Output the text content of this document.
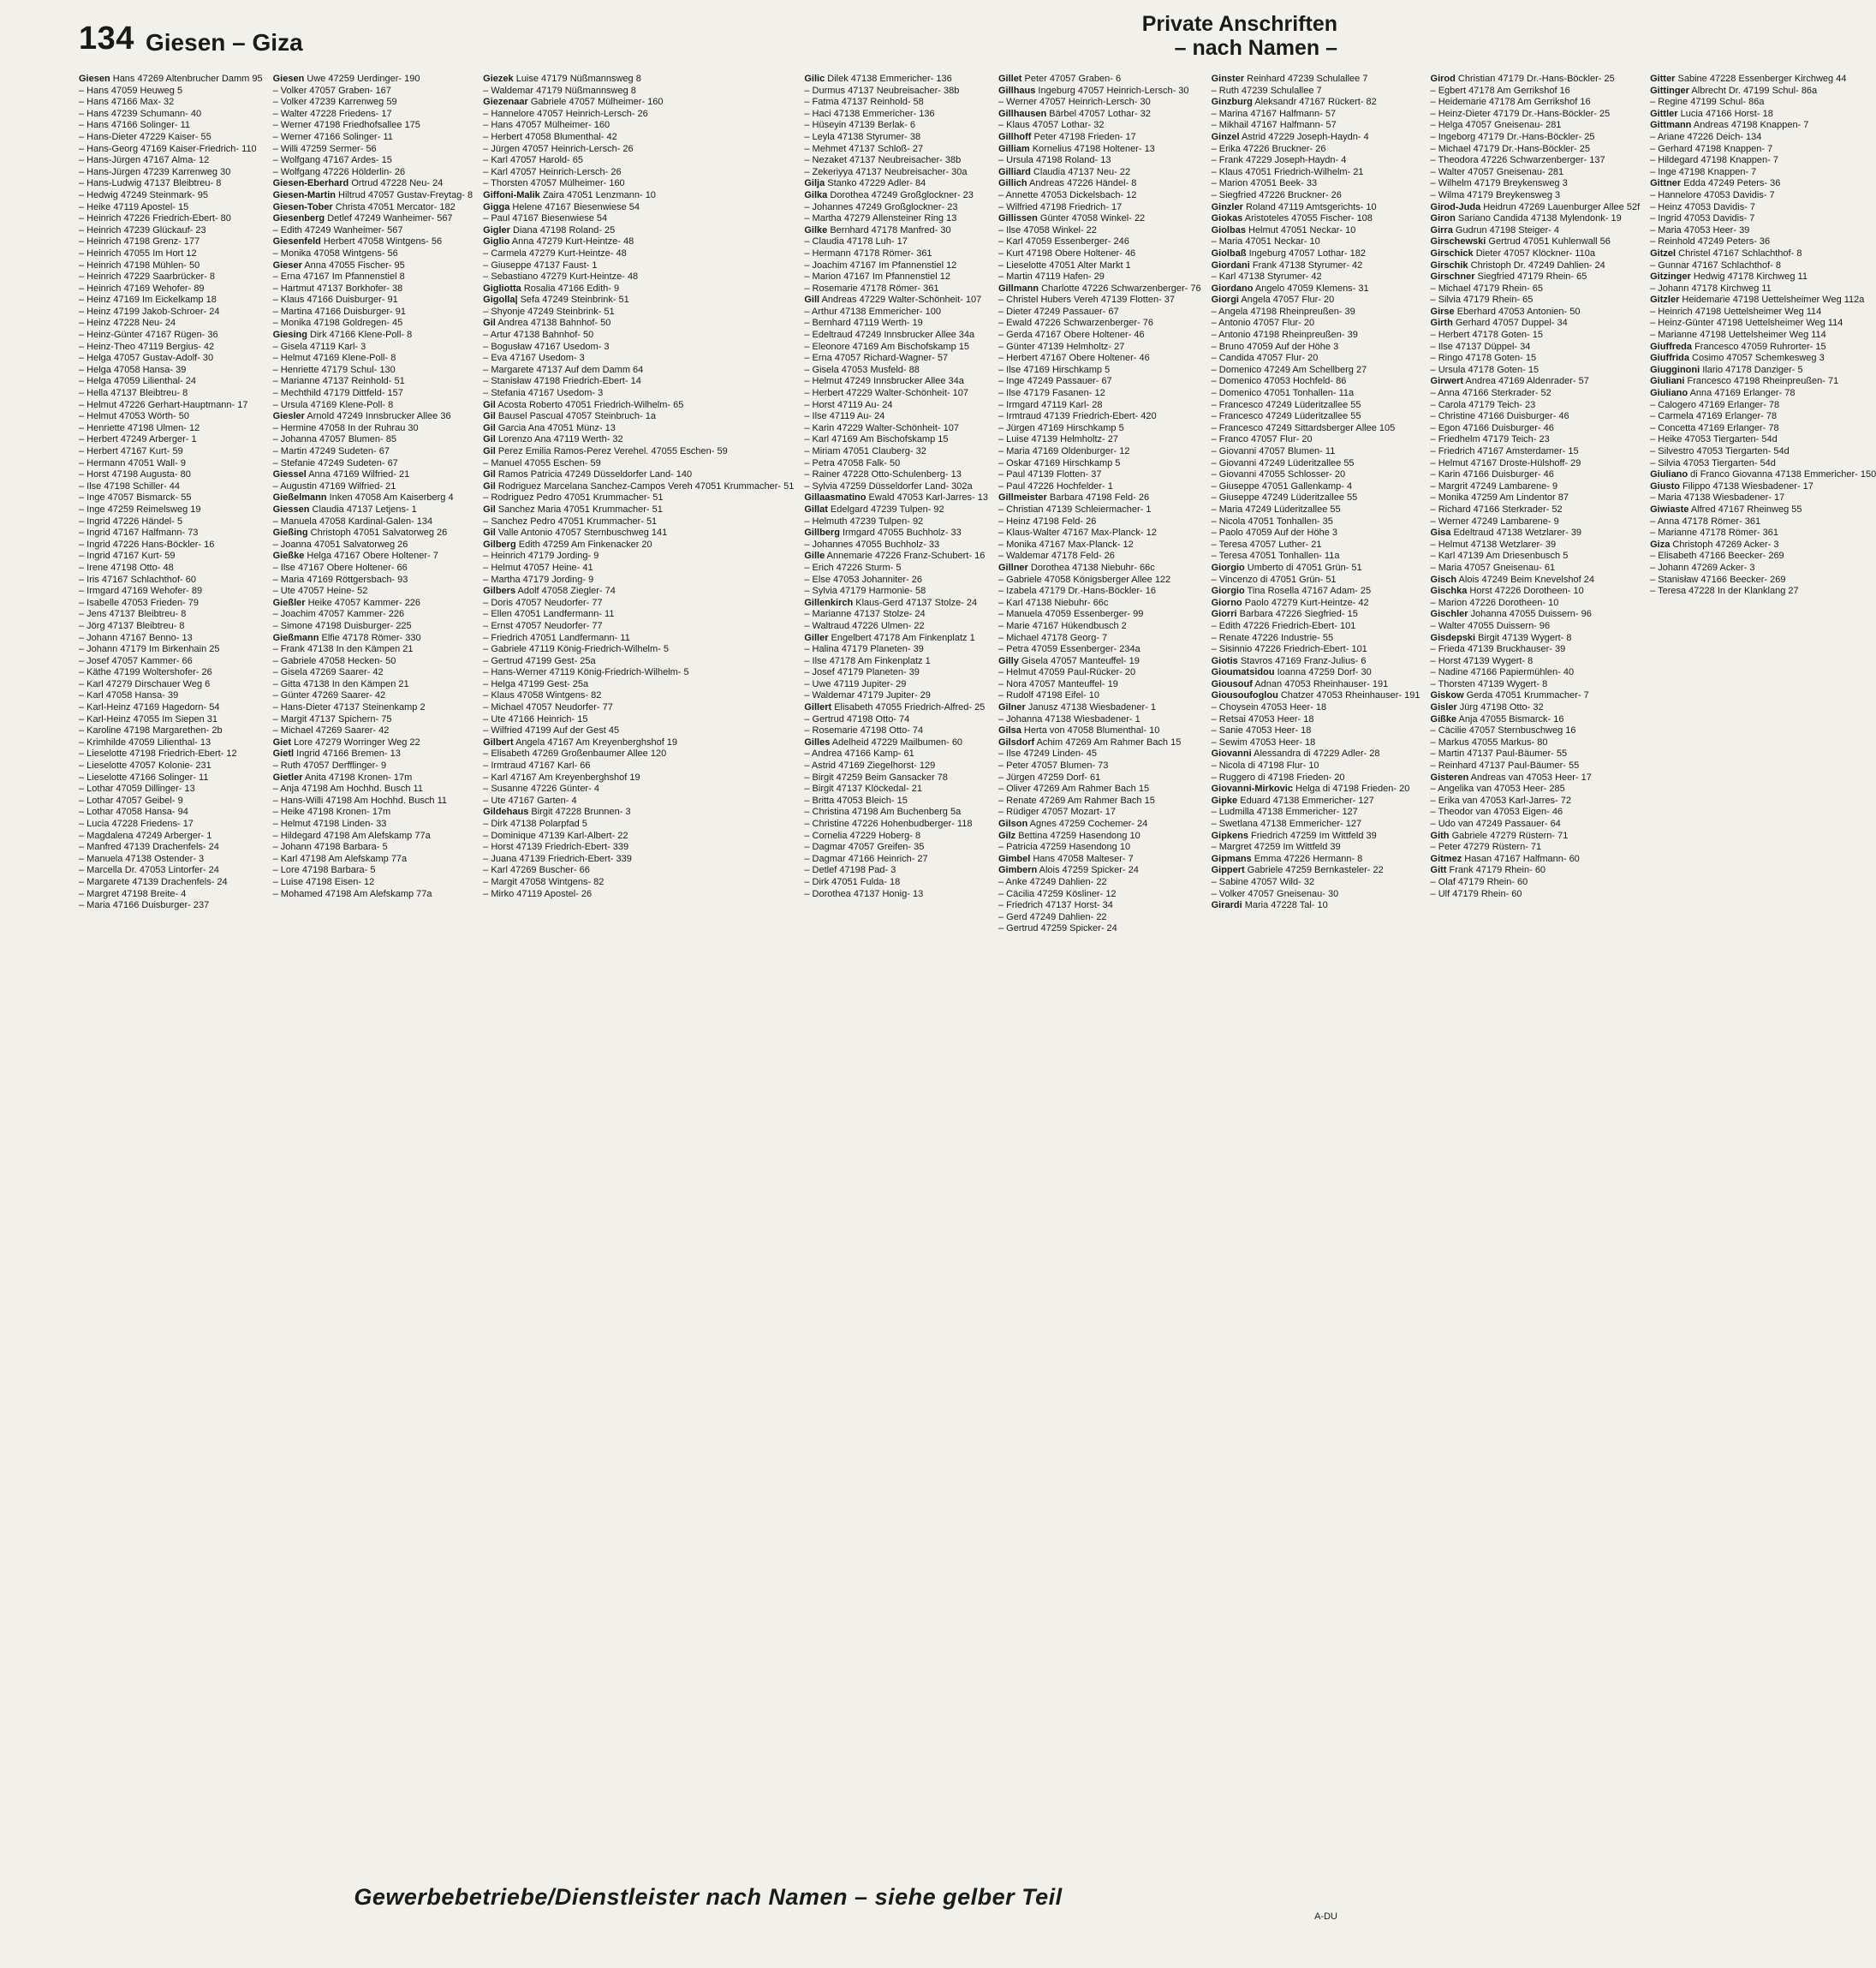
134 Giesen – Giza
Private Anschriften
– nach Namen –
Giesen Hans 47269 Altenbrucher Damm 95
– Hans 47059 Heuweg 5
– Hans 47166 Max- 32
– Hans 47239 Schumann- 40
– Hans 47166 Solinger- 11
– Hans-Dieter 47229 Kaiser- 55
– Hans-Georg 47169 Kaiser-Friedrich- 110
– Hans-Jürgen 47167 Alma- 12
– Hans-Jürgen 47239 Karrenweg 30
– Hans-Ludwig 47137 Bleibtreu- 8
– Hedwig 47249 Steinmark- 95
– Heike 47119 Apostel- 15
– Heinrich 47226 Friedrich-Ebert- 80
– Heinrich 47239 Glückauf- 23
– Heinrich 47198 Grenz- 177
– Heinrich 47055 Im Hort 12
– Heinrich 47198 Mühlen- 50
– Heinrich 47229 Saarbrücker- 8
– Heinrich 47169 Wehofer- 89
– Heinz 47169 Im Eickelkamp 18
– Heinz 47199 Jakob-Schroer- 24
– Heinz 47228 Neu- 24
– Heinz-Günter 47167 Rügen- 36
– Heinz-Theo 47119 Bergius- 42
– Helga 47057 Gustav-Adolf- 30
– Helga 47058 Hansa- 39
– Helga 47059 Lilienthal- 24
– Hella 47137 Bleibtreu- 8
– Helmut 47226 Gerhart-Hauptmann- 17
– Helmut 47053 Wörth- 50
– Henriette 47198 Ulmen- 12
– Herbert 47249 Arberger- 1
– Herbert 47167 Kurt- 59
– Hermann 47051 Wall- 9
– Horst 47198 Augusta- 80
– Ilse 47198 Schiller- 44
– Inge 47057 Bismarck- 55
– Inge 47259 Reimelsweg 19
– Ingrid 47226 Händel- 5
– Ingrid 47167 Halfmann- 73
– Ingrid 47226 Hans-Böckler- 16
– Ingrid 47167 Kurt- 59
– Irene 47198 Otto- 48
– Iris 47167 Schlachthof- 60
– Irmgard 47169 Wehofer- 89
– Isabelle 47053 Frieden- 79
– Jens 47137 Bleibtreu- 8
– Jörg 47137 Bleibtreu- 8
– Johann 47167 Benno- 13
– Johann 47179 Im Birkenhain 25
– Josef 47057 Kammer- 66
– Käthe 47199 Woltershofer- 26
– Karl 47279 Dirschauer Weg 6
– Karl 47058 Hansa- 39
– Karl-Heinz 47169 Hagedorn- 54
– Karl-Heinz 47055 Im Siepen 31
– Karoline 47198 Margarethen- 2b
– Krimhilde 47059 Lilienthal- 13
– Lieselotte 47198 Friedrich-Ebert- 12
– Lieselotte 47057 Kolonie- 231
– Lieselotte 47166 Solinger- 11
– Lothar 47059 Dillinger- 13
– Lothar 47057 Geibel- 9
– Lothar 47058 Hansa- 94
– Lucia 47228 Friedens- 17
– Magdalena 47249 Arberger- 1
– Manfred 47139 Drachenfels- 24
– Manuela 47138 Ostender- 3
– Marcella Dr. 47053 Lintorfer- 24
– Margarete 47139 Drachenfels- 24
– Margret 47198 Breite- 4
– Maria 47166 Duisburger- 237
Giesen Uwe 47259 Uerdinger- 190
– Volker 47057 Graben- 167
– Volker 47239 Karrenweg 59
– Walter 47228 Friedens- 17
– Werner 47198 Friedhofsallee 175
– Werner 47166 Solinger- 11
– Willi 47259 Sermer- 56
– Wolfgang 47167 Ardes- 15
– Wolfgang 47226 Hölderlin- 26
Giesen-Eberhard Ortrud 47228 Neu- 24
Giesen-Martin Hiltrud 47057 Gustav-Freytag- 8
Giesen-Tober Christa 47051 Mercator- 182
Giesenberg Detlef 47249 Wanheimer- 567
– Edith 47249 Wanheimer- 567
Giesenfeld Herbert 47058 Wintgens- 56
– Monika 47058 Wintgens- 56
Gieser Anna 47055 Fischer- 95
– Erna 47167 Im Pfannenstiel 8
– Hartmut 47137 Borkhofer- 38
– Klaus 47166 Duisburger- 91
– Martina 47166 Duisburger- 91
– Monika 47198 Goldregen- 45
Giesing Dirk 47166 Klene-Poll- 8
– Gisela 47119 Karl- 3
– Helmut 47169 Klene-Poll- 8
– Henriette 47179 Schul- 130
– Marianne 47137 Reinhold- 51
– Mechthild 47179 Dittfeld- 157
– Ursula 47169 Klene-Poll- 8
Giesler Arnold 47249 Innsbrucker Allee 36
– Hermine 47058 In der Ruhrau 30
– Johanna 47057 Blumen- 85
– Martin 47249 Sudeten- 67
– Stefanie 47249 Sudeten- 67
Giessel Anna 47169 Wilfried- 21
– Augustin 47169 Wilfried- 21
Gießelmann Inken 47058 Am Kaiserberg 4
Giessen Claudia 47137 Letjens- 1
– Manuela 47058 Kardinal-Galen- 134
Gießing Christoph 47051 Salvatorweg 26
– Joanna 47051 Salvatorweg 26
Gießke Helga 47167 Obere Holtener- 7
– Ilse 47167 Obere Holtener- 66
– Maria 47169 Röttgersbach- 93
– Ute 47057 Heine- 52
Gießler Heike 47057 Kammer- 226
– Joachim 47057 Kammer- 226
– Simone 47198 Duisburger- 225
Gießmann Elfie 47178 Römer- 330
– Frank 47138 In den Kämpen 21
– Gabriele 47058 Hecken- 50
– Gisela 47269 Saarer- 42
– Gitta 47138 In den Kämpen 21
– Günter 47269 Saarer- 42
– Hans-Dieter 47137 Steinenkamp 2
– Margit 47137 Spichern- 75
– Michael 47269 Saarer- 42
Giet Lore 47279 Worringer Weg 22
Gietl Ingrid 47166 Bremen- 13
– Ruth 47057 Derfflinger- 9
Gietler Anita 47198 Kronen- 17m
– Anja 47198 Am Hochhd. Busch 11
– Hans-Willi 47198 Am Hochhd. Busch 11
– Heike 47198 Kronen- 17m
– Helmut 47198 Linden- 33
– Hildegard 47198 Am Alefskamp 77a
– Johann 47198 Barbara- 5
– Karl 47198 Am Alefskamp 77a
– Lore 47198 Barbara- 5
– Luise 47198 Eisen- 12
– Mohamed 47198 Am Alefskamp 77a
Giezek Luise 47179 Nüßmannsweg 8
– Waldemar 47179 Nüßmannsweg 8
Giezenaar Gabriele 47057 Mülheimer- 160
– Hannelore 47057 Heinrich-Lersch- 26
– Hans 47057 Mülheimer- 160
– Herbert 47058 Blumenthal- 42
– Jürgen 47057 Heinrich-Lersch- 26
– Karl 47057 Harold- 65
– Karl 47057 Heinrich-Lersch- 26
– Thorsten 47057 Mülheimer- 160
Giffoni-Malik Zaira 47051 Lenzmann- 10
Gigga Helene 47167 Biesenwiese 54
– Paul 47167 Biesenwiese 54
Gigler Diana 47198 Roland- 25
Giglio Anna 47279 Kurt-Heintze- 48
– Carmela 47279 Kurt-Heintze- 48
– Giuseppe 47137 Faust- 1
– Sebastiano 47279 Kurt-Heintze- 48
Gigliotta Rosalia 47166 Edith- 9
Gigolla| Sefa 47249 Steinbrink- 51
– Shyonje 47249 Steinbrink- 51
Gil Andrea 47138 Bahnhof- 50
– Artur 47138 Bahnhof- 50
– Bogusław 47167 Usedom- 3
– Eva 47167 Usedom- 3
– Margarete 47137 Auf dem Damm 64
– Stanisław 47198 Friedrich-Ebert- 14
– Stefania 47167 Usedom- 3
Gil Acosta Roberto 47051 Friedrich-Wilhelm- 65
Gil Bausel Pascual 47057 Steinbruch- 1a
Gil Garcia Ana 47051 Münz- 13
Gil Lorenzo Ana 47119 Werth- 32
Gil Perez Emilia Ramos-Perez Verehel. 47055 Eschen- 59
– Manuel 47055 Eschen- 59
Gil Ramos Patricia 47249 Düsseldorfer Land- 140
Gil Rodriguez Marcelana Sanchez-Campos Vereh 47051 Krummacher- 51
– Rodriguez Pedro 47051 Krummacher- 51
Gil Sanchez Maria 47051 Krummacher- 51
– Sanchez Pedro 47051 Krummacher- 51
Gil Valle Antonio 47057 Sternbuschweg 141
Gilberg Edith 47259 Am Finkenacker 20
– Heinrich 47179 Jording- 9
– Helmut 47057 Heine- 41
– Martha 47179 Jording- 9
Gilbers Adolf 47058 Ziegler- 74
– Doris 47057 Neudorfer- 77
– Ellen 47051 Landfermann- 11
– Ernst 47057 Neudorfer- 77
– Friedrich 47051 Landfermann- 11
– Gabriele 47119 König-Friedrich-Wilhelm- 5
– Gertrud 47199 Gest- 25a
– Hans-Werner 47119 König-Friedrich-Wilhelm- 5
– Helga 47199 Gest- 25a
– Klaus 47058 Wintgens- 82
– Michael 47057 Neudorfer- 77
– Ute 47166 Heinrich- 15
– Wilfried 47199 Auf der Gest 45
Gilbert Angela 47167 Am Kreyenberghshof 19
– Elisabeth 47269 Großenbaumer Allee 120
– Irmtraud 47167 Karl- 66
– Karl 47167 Am Kreyenberghshof 19
– Susanne 47226 Günter- 4
– Ute 47167 Garten- 4
Gildehaus Birgit 47228 Brunnen- 3
– Dirk 47138 Polarpfad 5
– Dominique 47139 Karl-Albert- 22
– Horst 47139 Friedrich-Ebert- 339
– Juana 47139 Friedrich-Ebert- 339
– Karl 47269 Buscher- 66
– Margit 47058 Wintgens- 82
– Mirko 47119 Apostel- 26
Gilic Dilek 47138 Emmericher- 136
– Durmus 47137 Neubreisacher- 38b
– Fatma 47137 Reinhold- 58
– Haci 47138 Emmericher- 136
– Hüseyin 47139 Berlak- 6
– Leyla 47138 Styrumer- 38
– Mehmet 47137 Schloß- 27
– Nezaket 47137 Neubreisacher- 38b
– Zekeriyya 47137 Neubreisacher- 30a
Gilja Stanko 47229 Adler- 84
Gilka Dorothea 47249 Großglockner- 23
– Johannes 47249 Großglockner- 23
– Martha 47279 Allensteiner Ring 13
Gilke Bernhard 47178 Manfred- 30
– Claudia 47178 Luh- 17
– Hermann 47178 Römer- 361
– Joachim 47167 Im Pfannenstiel 12
– Marion 47167 Im Pfannenstiel 12
– Rosemarie 47178 Römer- 361
Gill Andreas 47229 Walter-Schönheit- 107
– Arthur 47138 Emmericher- 100
– Bernhard 47119 Werth- 19
– Edeltraud 47249 Innsbrucker Allee 34a
– Eleonore 47169 Am Bischofskamp 15
– Erna 47057 Richard-Wagner- 57
– Gisela 47053 Musfeld- 88
– Helmut 47249 Innsbrucker Allee 34a
– Herbert 47229 Walter-Schönheit- 107
– Horst 47119 Au- 24
– Ilse 47119 Au- 24
– Karin 47229 Walter-Schönheit- 107
– Karl 47169 Am Bischofskamp 15
– Miriam 47051 Clauberg- 32
– Petra 47058 Falk- 50
– Rainer 47228 Otto-Schulenberg- 13
– Sylvia 47259 Düsseldorfer Land- 302a
Gillaasmatino Ewald 47053 Karl-Jarres- 13
Gillat Edelgard 47239 Tulpen- 92
– Helmuth 47239 Tulpen- 92
Gillberg Irmgard 47055 Buchholz- 33
– Johannes 47055 Buchholz- 33
Gille Annemarie 47226 Franz-Schubert- 16
– Erich 47226 Sturm- 5
– Else 47053 Johanniter- 26
– Sylvia 47179 Harmonie- 58
Gillenkirch Klaus-Gerd 47137 Stolze- 24
– Marianne 47137 Stolze- 24
– Waltraud 47226 Ulmen- 22
Giller Engelbert 47178 Am Finkenplatz 1
– Halina 47179 Planeten- 39
– Ilse 47178 Am Finkenplatz 1
– Josef 47179 Planeten- 39
– Uwe 47119 Jupiter- 29
– Waldemar 47179 Jupiter- 29
Gillert Elisabeth 47055 Friedrich-Alfred- 25
– Gertrud 47198 Otto- 74
– Rosemarie 47198 Otto- 74
Gilles Adelheid 47229 Mailbumen- 60
– Andrea 47166 Kamp- 61
– Astrid 47169 Ziegelhorst- 129
– Birgit 47259 Beim Gansacker 78
– Birgit 47137 Klöckedal- 21
– Britta 47053 Bleich- 15
– Christina 47198 Am Buchenberg 5a
– Christine 47226 Hohenbudberger- 118
– Cornelia 47229 Hoberg- 8
– Dagmar 47057 Greifen- 35
– Dagmar 47166 Heinrich- 27
– Detlef 47198 Pad- 3
– Dirk 47051 Fulda- 18
– Dorothea 47137 Honig- 13
Gillet Peter 47057 Graben- 6
Gillhaus Ingeburg 47057 Heinrich-Lersch- 30
– Werner 47057 Heinrich-Lersch- 30
Gillhausen Bärbel 47057 Lothar- 32
– Klaus 47057 Lothar- 32
Gillhoff Peter 47198 Frieden- 17
Gilliam Kornelius 47198 Holtener- 13
– Ursula 47198 Roland- 13
Gilliard Claudia 47137 Neu- 22
Gillich Andreas 47226 Händel- 8
– Annette 47053 Dickelsbach- 12
– Wilfried 47198 Friedrich- 17
Gillissen Günter 47058 Winkel- 22
– Ilse 47058 Winkel- 22
– Karl 47059 Essenberger- 246
– Kurt 47198 Obere Holtener- 46
– Lieselotte 47051 Alter Markt 1
– Martin 47119 Hafen- 29
Gillmann Charlotte 47226 Schwarzenberger- 76
– Christel Hubers Vereh 47139 Flotten- 37
– Dieter 47249 Passauer- 67
– Ewald 47226 Schwarzenberger- 76
– Gerda 47167 Obere Holtener- 46
– Günter 47139 Helmholtz- 27
– Herbert 47167 Obere Holtener- 46
– Ilse 47169 Hirschkamp 5
– Inge 47249 Passauer- 67
– Ilse 47179 Fasanen- 12
– Irmgard 47119 Karl- 28
– Irmtraud 47139 Friedrich-Ebert- 420
– Jürgen 47169 Hirschkamp 5
– Luise 47139 Helmholtz- 27
– Maria 47169 Oldenburger- 12
– Oskar 47169 Hirschkamp 5
– Paul 47139 Flotten- 37
– Paul 47226 Hochfelder- 1
Gillmeister Barbara 47198 Feld- 26
– Christian 47139 Schleiermacher- 1
– Heinz 47198 Feld- 26
– Klaus-Walter 47167 Max-Planck- 12
– Monika 47167 Max-Planck- 12
– Waldemar 47178 Feld- 26
Gillner Dorothea 47138 Niebuhr- 66c
– Gabriele 47058 Königsberger Allee 122
– Izabela 47179 Dr.-Hans-Böckler- 16
– Karl 47138 Niebuhr- 66c
– Manuela 47059 Essenberger- 99
– Marie 47167 Hükendbusch 2
– Michael 47178 Georg- 7
– Petra 47059 Essenberger- 234a
Gilly Gisela 47057 Manteuffel- 19
– Helmut 47059 Paul-Rücker- 20
– Nora 47057 Manteuffel- 19
– Rudolf 47198 Eifel- 10
Gilner Janusz 47138 Wiesbadener- 1
– Johanna 47138 Wiesbadener- 1
Gilsa Herta von 47058 Blumenthal- 10
Gilsdorf Achim 47269 Am Rahmer Bach 15
– Ilse 47249 Linden- 45
– Peter 47057 Blumen- 73
– Jürgen 47259 Dorf- 61
– Oliver 47269 Am Rahmer Bach 15
– Renate 47269 Am Rahmer Bach 15
– Rüdiger 47057 Mozart- 17
Gilson Agnes 47259 Cochemer- 24
Gilz Bettina 47259 Hasendong 10
– Patricia 47259 Hasendong 10
Gimbel Hans 47058 Malteser- 7
Gimbern Alois 47259 Spicker- 24
– Anke 47249 Dahlien- 22
– Cäcilia 47259 Kösliner- 12
– Friedrich 47137 Horst- 34
– Gerd 47249 Dahlien- 22
– Gertrud 47259 Spicker- 24
Ginster Reinhard 47239 Schulallee 7
– Ruth 47239 Schulallee 7
Ginzburg Aleksandr 47167 Rückert- 82
– Marina 47167 Halfmann- 57
– Mikhail 47167 Halfmann- 57
Ginzel Astrid 47229 Joseph-Haydn- 4
– Erika 47226 Bruckner- 26
– Frank 47229 Joseph-Haydn- 4
– Klaus 47051 Friedrich-Wilhelm- 21
– Marion 47051 Beek- 33
– Siegfried 47226 Bruckner- 26
Ginzler Roland 47119 Amtsgerichts- 10
Giokas Aristoteles 47055 Fischer- 108
Giolbas Helmut 47051 Neckar- 10
– Maria 47051 Neckar- 10
Giolbaß Ingeburg 47057 Lothar- 182
Giordani Frank 47138 Styrumer- 42
– Karl 47138 Styrumer- 42
Giordano Angelo 47059 Klemens- 31
Giorgi Angela 47057 Flur- 20
– Angela 47198 Rheinpreußen- 39
– Antonio 47057 Flur- 20
– Antonio 47198 Rheinpreußen- 39
– Bruno 47059 Auf der Höhe 3
– Candida 47057 Flur- 20
– Domenico 47249 Am Schellberg 27
– Domenico 47053 Hochfeld- 86
– Domenico 47051 Tonhallen- 11a
– Francesco 47249 Lüderitzallee 55
– Francesco 47249 Lüderitzallee 55
– Francesco 47249 Sittardsberger Allee 105
– Franco 47057 Flur- 20
– Giovanni 47057 Blumen- 11
– Giovanni 47249 Lüderitzallee 55
– Giovanni 47055 Schlosser- 20
– Giuseppe 47051 Gallenkamp- 4
– Giuseppe 47249 Lüderitzallee 55
– Maria 47249 Lüderitzallee 55
– Nicola 47051 Tonhallen- 35
– Paolo 47059 Auf der Höhe 3
– Teresa 47057 Luther- 21
– Teresa 47051 Tonhallen- 11a
Giorgio Umberto di 47051 Grün- 51
– Vincenzo di 47051 Grün- 51
Giorgio Tina Rosella 47167 Adam- 25
Giorno Paolo 47279 Kurt-Heintze- 42
Giorri Barbara 47226 Siegfried- 15
– Edith 47226 Friedrich-Ebert- 101
– Renate 47226 Industrie- 55
– Sisinnio 47226 Friedrich-Ebert- 101
Giotis Stavros 47169 Franz-Julius- 6
Gioumatsidou Ioanna 47259 Dorf- 30
Giousouf Adnan 47053 Rheinhauser- 191
Giousoufoglou Chatzer 47053 Rheinhauser- 191
– Choysein 47053 Heer- 18
– Retsai 47053 Heer- 18
– Sanie 47053 Heer- 18
– Sewim 47053 Heer- 18
Giovanni Alessandra di 47229 Adler- 28
– Nicola di 47198 Flur- 10
– Ruggero di 47198 Frieden- 20
Giovanni-Mirkovic Helga di 47198 Frieden- 20
Gipke Eduard 47138 Emmericher- 127
– Ludmilla 47138 Emmericher- 127
– Swetlana 47138 Emmericher- 127
Gipkens Friedrich 47259 Im Wittfeld 39
– Margret 47259 Im Wittfeld 39
Gipmans Emma 47226 Hermann- 8
Gippert Gabriele 47259 Bernkasteler- 22
– Sabine 47057 Wild- 32
– Volker 47057 Gneisenau- 30
Girardi Maria 47228 Tal- 10
Girod Christian 47179 Dr.-Hans-Böckler- 25
– Egbert 47178 Am Gerrikshof 16
– Heidemarie 47178 Am Gerrikshof 16
– Heinz-Dieter 47179 Dr.-Hans-Böckler- 25
– Helga 47057 Gneisenau- 281
– Ingeborg 47179 Dr.-Hans-Böckler- 25
– Michael 47179 Dr.-Hans-Böckler- 25
– Theodora 47226 Schwarzenberger- 137
– Walter 47057 Gneisenau- 281
– Wilhelm 47179 Breykensweg 3
– Wilma 47179 Breykensweg 3
Girod-Juda Heidrun 47269 Lauenburger Allee 52f
Giron Sariano Candida 47138 Mylendonk- 19
Girra Gudrun 47198 Steiger- 4
Girschewski Gertrud 47051 Kuhlenwall 56
Girschick Dieter 47057 Klöckner- 110a
Girschik Christoph Dr. 47249 Dahlien- 24
Girschner Siegfried 47179 Rhein- 65
– Michael 47179 Rhein- 65
– Silvia 47179 Rhein- 65
Girse Eberhard 47053 Antonien- 50
Girth Gerhard 47057 Duppel- 34
– Herbert 47178 Goten- 15
– Ilse 47137 Düppel- 34
– Ringo 47178 Goten- 15
– Ursula 47178 Goten- 15
Girwert Andrea 47169 Aldenrader- 57
– Anna 47166 Sterkrader- 52
– Carola 47179 Teich- 23
– Christine 47166 Duisburger- 46
– Egon 47166 Duisburger- 46
– Friedhelm 47179 Teich- 23
– Friedrich 47167 Amsterdamer- 15
– Helmut 47167 Droste-Hülshoff- 29
– Karin 47166 Duisburger- 46
– Margrit 47249 Lambarene- 9
– Monika 47259 Am Lindentor 87
– Richard 47166 Sterkrader- 52
– Werner 47249 Lambarene- 9
Gisa Edeltraud 47138 Wetzlarer- 39
– Helmut 47138 Wetzlarer- 39
– Karl 47139 Am Driesenbusch 5
– Maria 47057 Gneisenau- 61
Gisch Alois 47249 Beim Knevelshof 24
Gischka Horst 47226 Dorotheen- 10
– Marion 47226 Dorotheen- 10
Gischler Johanna 47055 Duissern- 96
– Walter 47055 Duissern- 96
Gisdepski Birgit 47139 Wygert- 8
– Frieda 47139 Bruckhauser- 39
– Horst 47139 Wygert- 8
– Nadine 47166 Papiermühlen- 40
– Thorsten 47139 Wygert- 8
Giskow Gerda 47051 Krummacher- 7
Gisler Jürg 47198 Otto- 32
Gißke Anja 47055 Bismarck- 16
– Cäcilie 47057 Sternbuschweg 16
– Markus 47055 Markus- 80
– Martin 47137 Paul-Bäumer- 55
– Reinhard 47137 Paul-Bäumer- 55
Gisteren Andreas van 47053 Heer- 17
– Angelika van 47053 Heer- 285
– Erika van 47053 Karl-Jarres- 72
– Theodor van 47053 Eigen- 46
– Udo van 47249 Passauer- 64
Gith Gabriele 47279 Rüstern- 71
– Peter 47279 Rüstern- 71
Gitmez Hasan 47167 Halfmann- 60
Gitt Frank 47179 Rhein- 60
– Olaf 47179 Rhein- 60
– Ulf 47179 Rhein- 60
Gitter Sabine 47228 Essenberger Kirchweg 44
Gittinger Albrecht Dr. 47199 Schul- 86a
– Regine 47199 Schul- 86a
Gittler Lucia 47166 Horst- 18
Gittmann Andreas 47198 Knappen- 7
– Ariane 47226 Deich- 134
– Gerhard 47198 Knappen- 7
– Hildegard 47198 Knappen- 7
– Inge 47198 Knappen- 7
Gittner Edda 47249 Peters- 36
– Hannelore 47053 Davidis- 7
– Heinz 47053 Davidis- 7
– Ingrid 47053 Davidis- 7
– Maria 47053 Heer- 39
– Reinhold 47249 Peters- 36
Gitzel Christel 47167 Schlachthof- 8
– Gunnar 47167 Schlachthof- 8
Gitzinger Hedwig 47178 Kirchweg 11
– Johann 47178 Kirchweg 11
Gitzler Heidemarie 47198 Uettelsheimer Weg 112a
– Heinrich 47198 Uettelsheimer Weg 114
– Heinz-Günter 47198 Uettelsheimer Weg 114
– Marianne 47198 Uettelsheimer Weg 114
Giuffreda Francesco 47059 Ruhrorter- 15
Giuffrida Cosimo 47057 Schemkesweg 3
Giugginoni Ilario 47178 Danziger- 5
Giuliani Francesco 47198 Rheinpreußen- 71
Giuliano Anna 47169 Erlanger- 78
– Calogero 47169 Erlanger- 78
– Carmela 47169 Erlanger- 78
– Concetta 47169 Erlanger- 78
– Heike 47053 Tiergarten- 54d
– Silvestro 47053 Tiergarten- 54d
– Silvia 47053 Tiergarten- 54d
Giuliano di Franco Giovanna 47138 Emmericher- 150
Giusto Filippo 47138 Wiesbadener- 17
– Maria 47138 Wiesbadener- 17
Giwiaste Alfred 47167 Rheinweg 55
– Anna 47178 Römer- 361
– Marianne 47178 Römer- 361
Giza Christoph 47269 Acker- 3
– Elisabeth 47166 Beecker- 269
– Johann 47269 Acker- 3
– Stanisław 47166 Beecker- 269
– Teresa 47228 In der Klanklang 27
Gewerbebetriebe/Dienstleister nach Namen – siehe gelber Teil
A-DU
